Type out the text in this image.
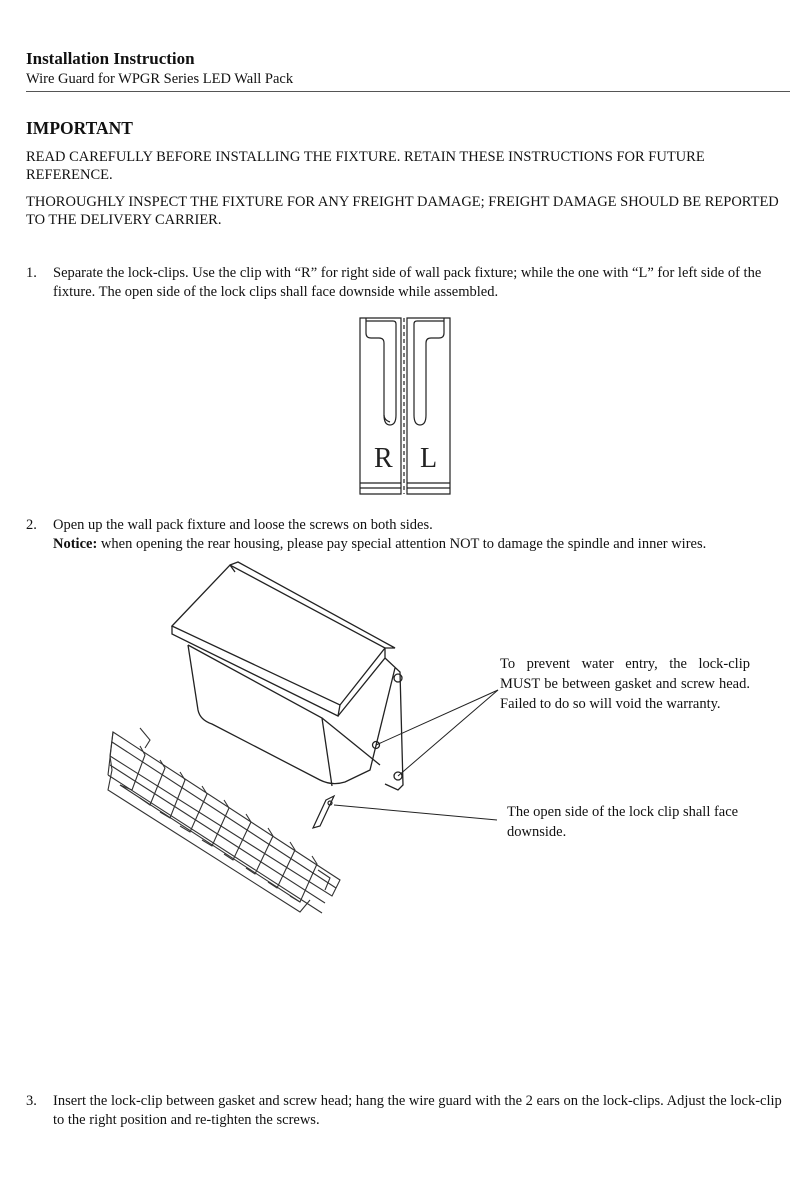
Installation Instruction
Wire Guard for WPGR Series LED Wall Pack
IMPORTANT
READ CAREFULLY BEFORE INSTALLING THE FIXTURE. RETAIN THESE INSTRUCTIONS FOR FUTURE REFERENCE.
THOROUGHLY INSPECT THE FIXTURE FOR ANY FREIGHT DAMAGE; FREIGHT DAMAGE SHOULD BE REPORTED TO THE DELIVERY CARRIER.
1. Separate the lock-clips. Use the clip with “R” for right side of wall pack fixture; while the one with “L” for left side of the fixture. The open side of the lock clips shall face downside while assembled.
2. Open up the wall pack fixture and loose the screws on both sides.
Notice: when opening the rear housing, please pay special attention NOT to damage the spindle and inner wires.
3. Insert the lock-clip between gasket and screw head; hang the wire guard with the 2 ears on the lock-clips. Adjust the lock-clip to the right position and re-tighten the screws.
R L
To prevent water entry, the lock-clip MUST be between gasket and screw head. Failed to do so will void the warranty.
The open side of the lock clip shall face downside.
